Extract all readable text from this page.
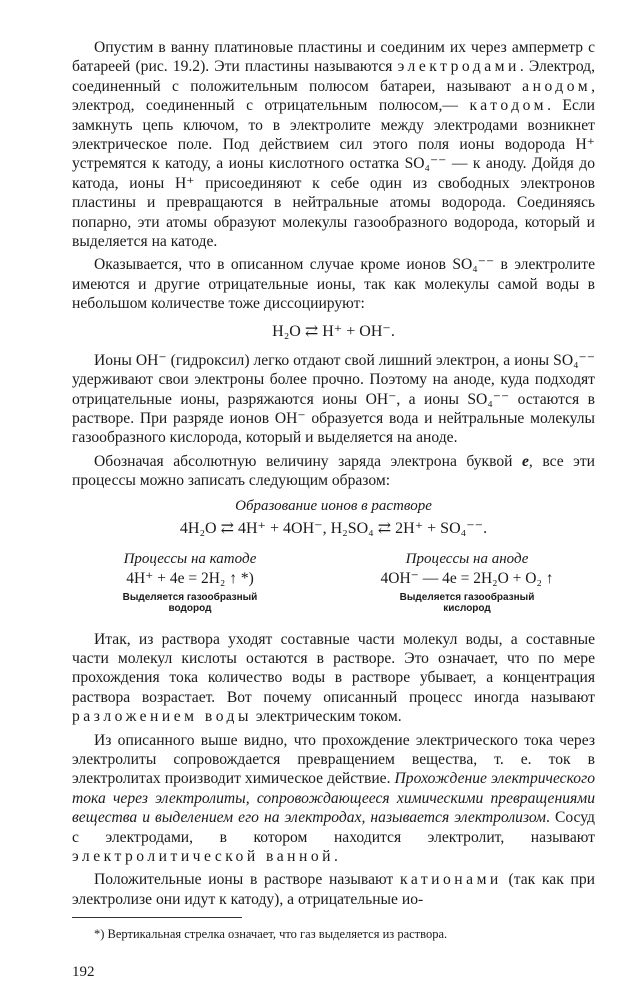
Опустим в ванну платиновые пластины и соединим их через амперметр с батареей (рис. 19.2). Эти пластины называются электродами. Электрод, соединенный с положительным полюсом батареи, называют анодом, электрод, соединенный с отрицательным полюсом,— катодом. Если замкнуть цепь ключом, то в электролите между электродами возникнет электрическое поле. Под действием сил этого поля ионы водорода H⁺ устремятся к катоду, а ионы кислотного остатка SO₄⁻⁻ — к аноду. Дойдя до катода, ионы H⁺ присоединяют к себе один из свободных электронов пластины и превращаются в нейтральные атомы водорода. Соединяясь попарно, эти атомы образуют молекулы газообразного водорода, который и выделяется на катоде.

Оказывается, что в описанном случае кроме ионов SO₄⁻⁻ в электролите имеются и другие отрицательные ионы, так как молекулы самой воды в небольшом количестве тоже диссоциируют:

H₂O ⇄ H⁺ + OH⁻.

Ионы OH⁻ (гидроксил) легко отдают свой лишний электрон, а ионы SO₄⁻⁻ удерживают свои электроны более прочно. Поэтому на аноде, куда подходят отрицательные ионы, разряжаются ионы OH⁻, а ионы SO₄⁻⁻ остаются в растворе. При разряде ионов OH⁻ образуется вода и нейтральные молекулы газообразного кислорода, который и выделяется на аноде.

Обозначая абсолютную величину заряда электрона буквой e, все эти процессы можно записать следующим образом:

Образование ионов в растворе
4H₂O ⇄ 4H⁺ + 4OH⁻, H₂SO₄ ⇄ 2H⁺ + SO₄⁻⁻.
Процессы на катоде
4H⁺ + 4e = 2H₂ ↑ *)
Выделяется газообразный
водород
Процессы на аноде
4OH⁻ — 4e = 2H₂O + O₂ ↑
Выделяется газообразный
кислород

Итак, из раствора уходят составные части молекул воды, а составные части молекул кислоты остаются в растворе. Это означает, что по мере прохождения тока количество воды в растворе убывает, а концентрация раствора возрастает. Вот почему описанный процесс иногда называют разложением воды электрическим током.

Из описанного выше видно, что прохождение электрического тока через электролиты сопровождается превращением вещества, т. е. ток в электролитах производит химическое действие. Прохождение электрического тока через электролиты, сопровождающееся химическими превращениями вещества и выделением его на электродах, называется электролизом. Сосуд с электродами, в котором находится электролит, называют электролитической ванной.

Положительные ионы в растворе называют катионами (так как при электролизе они идут к катоду), а отрицательные ио-

*) Вертикальная стрелка означает, что газ выделяется из раствора.
192
